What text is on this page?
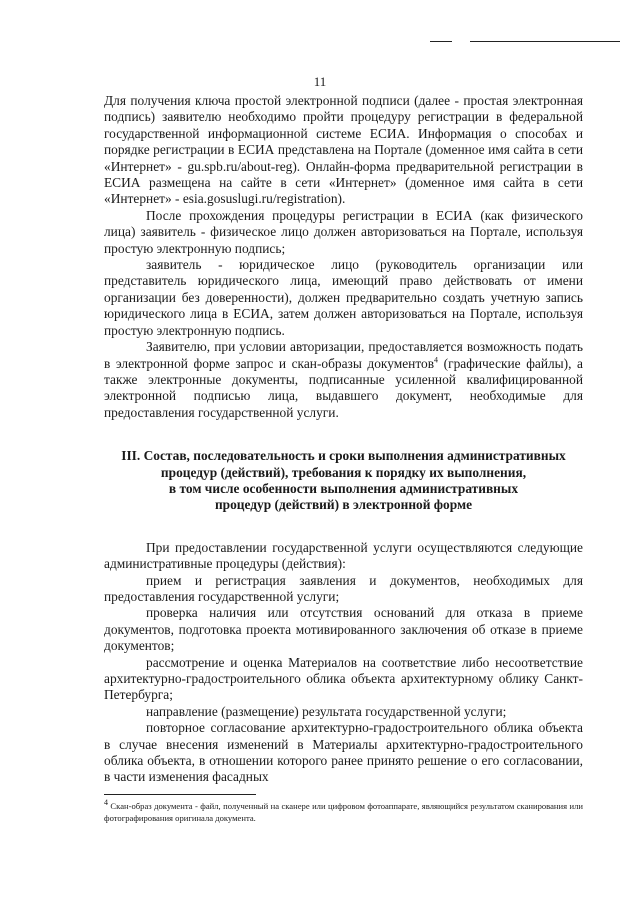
11

Для получения ключа простой электронной подписи (далее - простая электронная подпись) заявителю необходимо пройти процедуру регистрации в федеральной государственной информационной системе ЕСИА. Информация о способах и порядке регистрации в ЕСИА представлена на Портале (доменное имя сайта в сети «Интернет» - gu.spb.ru/about-reg). Онлайн-форма предварительной регистрации в ЕСИА размещена на сайте в сети «Интернет» (доменное имя сайта в сети «Интернет» - esia.gosuslugi.ru/registration).

После прохождения процедуры регистрации в ЕСИА (как физического лица) заявитель - физическое лицо должен авторизоваться на Портале, используя простую электронную подпись;

заявитель - юридическое лицо (руководитель организации или представитель юридического лица, имеющий право действовать от имени организации без доверенности), должен предварительно создать учетную запись юридического лица в ЕСИА, затем должен авторизоваться на Портале, используя простую электронную подпись.

Заявителю, при условии авторизации, предоставляется возможность подать в электронной форме запрос и скан-образы документов$^4$ (графические файлы), а также электронные документы, подписанные усиленной квалифицированной электронной подписью лица, выдавшего документ, необходимые для предоставления государственной услуги.

III. Состав, последовательность и сроки выполнения административных
процедур (действий), требования к порядку их выполнения,
в том числе особенности выполнения административных
процедур (действий) в электронной форме

При предоставлении государственной услуги осуществляются следующие административные процедуры (действия):

прием и регистрация заявления и документов, необходимых для предоставления государственной услуги;

проверка наличия или отсутствия оснований для отказа в приеме документов, подготовка проекта мотивированного заключения об отказе в приеме документов;

рассмотрение и оценка Материалов на соответствие либо несоответствие архитектурно-градостроительного облика объекта архитектурному облику Санкт-Петербурга;

направление (размещение) результата государственной услуги;

повторное согласование архитектурно-градостроительного облика объекта в случае внесения изменений в Материалы архитектурно-градостроительного облика объекта, в отношении которого ранее принято решение о его согласовании, в части изменения фасадных

$^4$ Скан-образ документа - файл, полученный на сканере или цифровом фотоаппарате, являющийся результатом сканирования или фотографирования оригинала документа.
